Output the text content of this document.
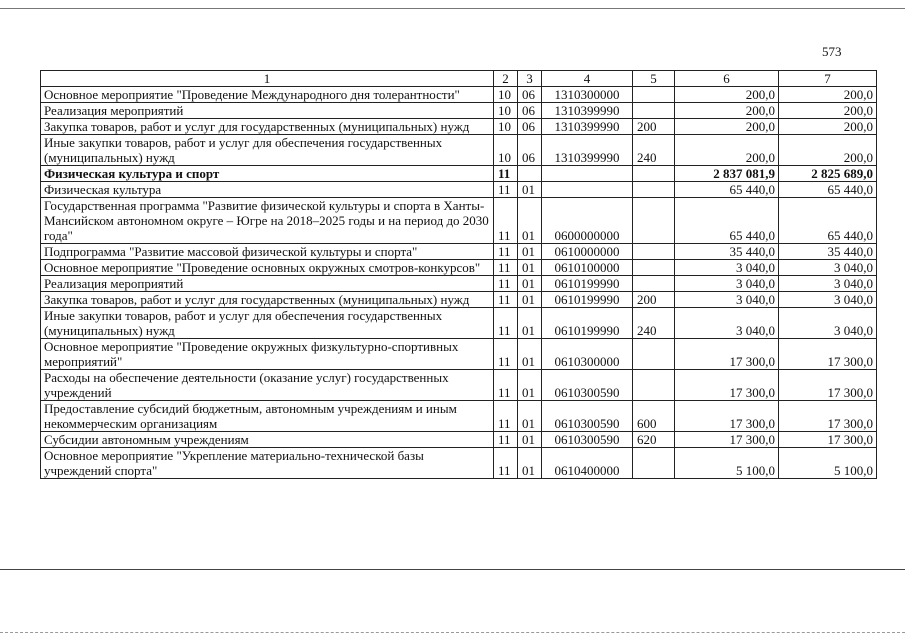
573
1	2	3	4	5	6	7
Основное мероприятие "Проведение Международного дня толерантности"	10	06	1310300000		200,0	200,0
Реализация мероприятий	10	06	1310399990		200,0	200,0
Закупка товаров, работ и услуг для государственных (муниципальных) нужд	10	06	1310399990	200	200,0	200,0
Иные закупки товаров, работ и услуг для обеспечения государственных (муниципальных) нужд	10	06	1310399990	240	200,0	200,0
Физическая культура и спорт	11				2 837 081,9	2 825 689,0
Физическая культура	11	01			65 440,0	65 440,0
Государственная программа "Развитие физической культуры и спорта в Ханты-Мансийском автономном округе – Югре на 2018–2025 годы и на период до 2030 года"	11	01	0600000000		65 440,0	65 440,0
Подпрограмма "Развитие массовой физической культуры и спорта"	11	01	0610000000		35 440,0	35 440,0
Основное мероприятие "Проведение основных окружных смотров-конкурсов"	11	01	0610100000		3 040,0	3 040,0
Реализация мероприятий	11	01	0610199990		3 040,0	3 040,0
Закупка товаров, работ и услуг для государственных (муниципальных) нужд	11	01	0610199990	200	3 040,0	3 040,0
Иные закупки товаров, работ и услуг для обеспечения государственных (муниципальных) нужд	11	01	0610199990	240	3 040,0	3 040,0
Основное мероприятие "Проведение окружных физкультурно-спортивных мероприятий"	11	01	0610300000		17 300,0	17 300,0
Расходы на обеспечение деятельности (оказание услуг) государственных учреждений	11	01	0610300590		17 300,0	17 300,0
Предоставление субсидий бюджетным, автономным учреждениям и иным некоммерческим организациям	11	01	0610300590	600	17 300,0	17 300,0
Субсидии автономным учреждениям	11	01	0610300590	620	17 300,0	17 300,0
Основное мероприятие "Укрепление материально-технической базы учреждений спорта"	11	01	0610400000		5 100,0	5 100,0
